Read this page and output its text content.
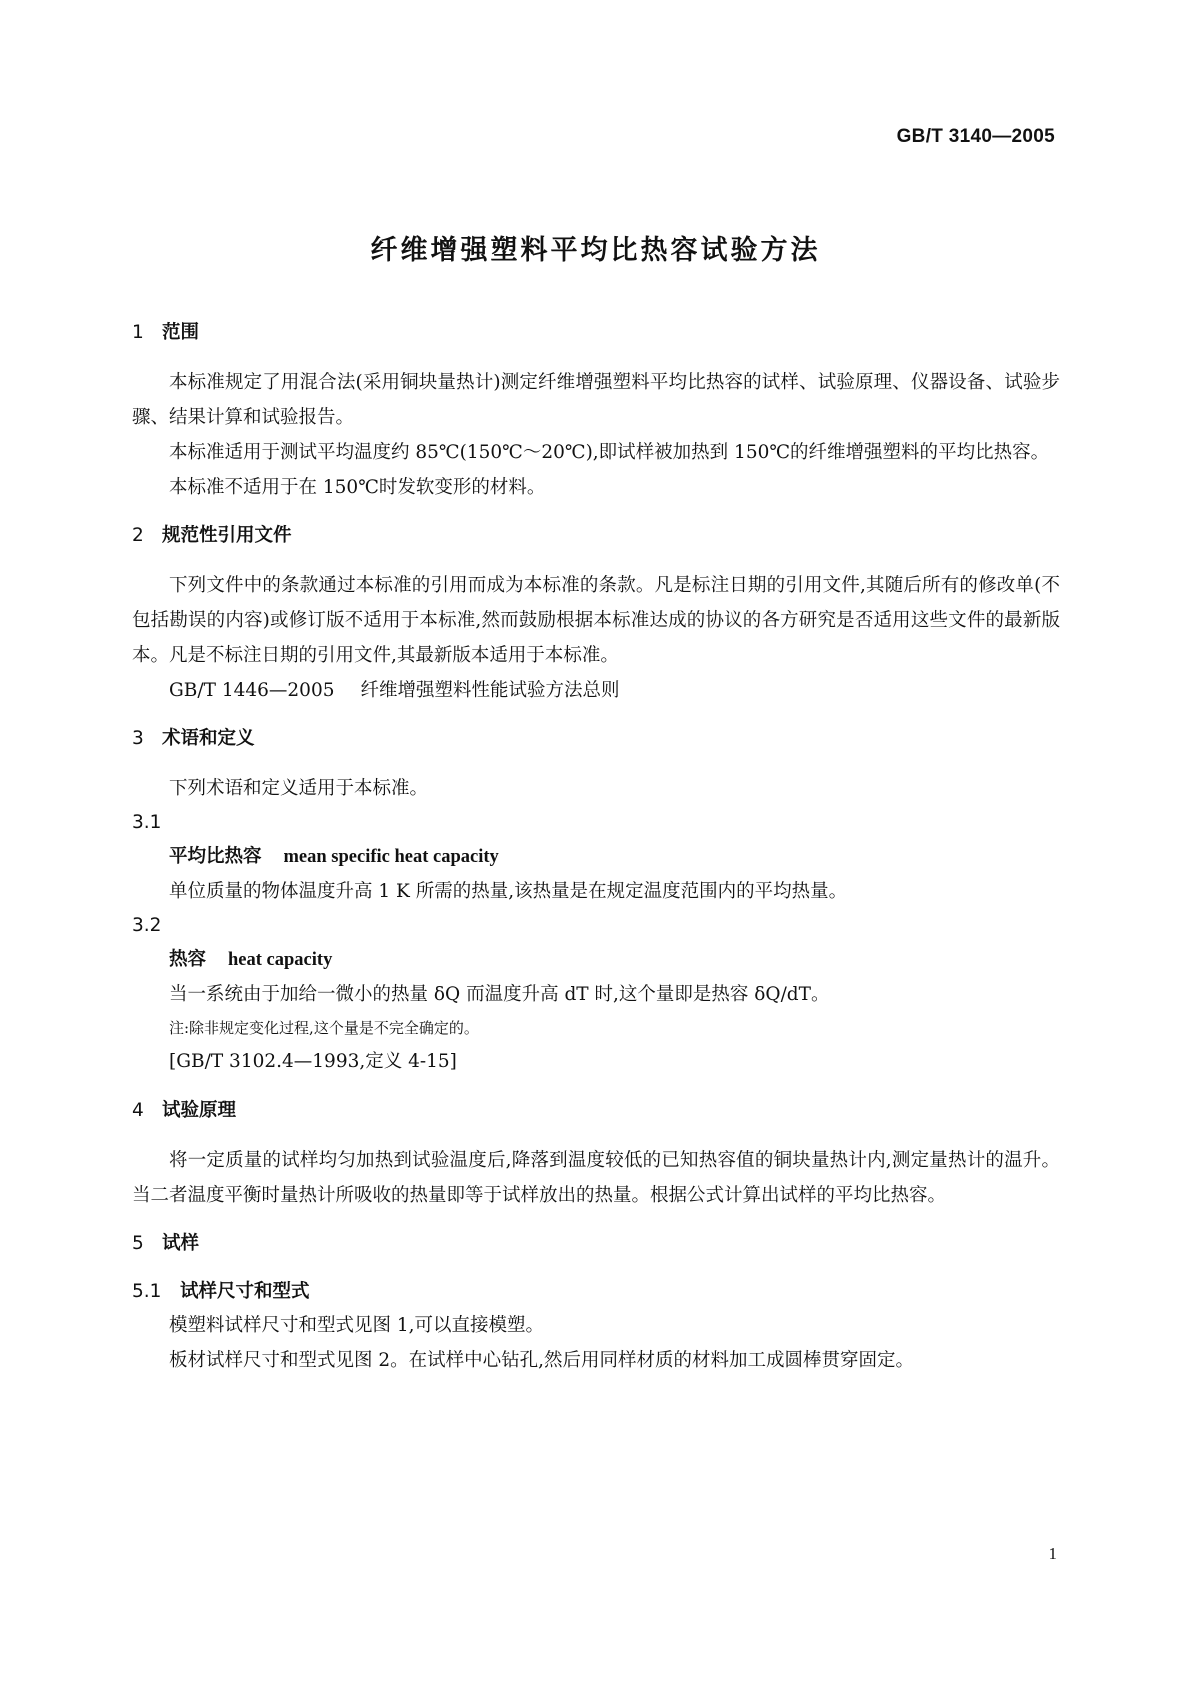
GB/T 3140—2005
纤维增强塑料平均比热容试验方法
1 范围

本标准规定了用混合法(采用铜块量热计)测定纤维增强塑料平均比热容的试样、试验原理、仪器设备、试验步骤、结果计算和试验报告。

本标准适用于测试平均温度约 85℃(150℃～20℃),即试样被加热到 150℃的纤维增强塑料的平均比热容。

本标准不适用于在 150℃时发软变形的材料。

2 规范性引用文件

下列文件中的条款通过本标准的引用而成为本标准的条款。凡是标注日期的引用文件,其随后所有的修改单(不包括勘误的内容)或修订版不适用于本标准,然而鼓励根据本标准达成的协议的各方研究是否适用这些文件的最新版本。凡是不标注日期的引用文件,其最新版本适用于本标准。

GB/T 1446—2005 纤维增强塑料性能试验方法总则
3 术语和定义

下列术语和定义适用于本标准。

3.1
平均比热容 mean specific heat capacity

单位质量的物体温度升高 1 K 所需的热量,该热量是在规定温度范围内的平均热量。

3.2
热容 heat capacity

当一系统由于加给一微小的热量 δQ 而温度升高 dT 时,这个量即是热容 δQ/dT。

注:除非规定变化过程,这个量是不完全确定的。
[GB/T 3102.4—1993,定义 4-15]
4 试验原理

将一定质量的试样均匀加热到试验温度后,降落到温度较低的已知热容值的铜块量热计内,测定量热计的温升。当二者温度平衡时量热计所吸收的热量即等于试样放出的热量。根据公式计算出试样的平均比热容。

5 试样
5.1 试样尺寸和型式

模塑料试样尺寸和型式见图 1,可以直接模塑。

板材试样尺寸和型式见图 2。在试样中心钻孔,然后用同样材质的材料加工成圆棒贯穿固定。

1
